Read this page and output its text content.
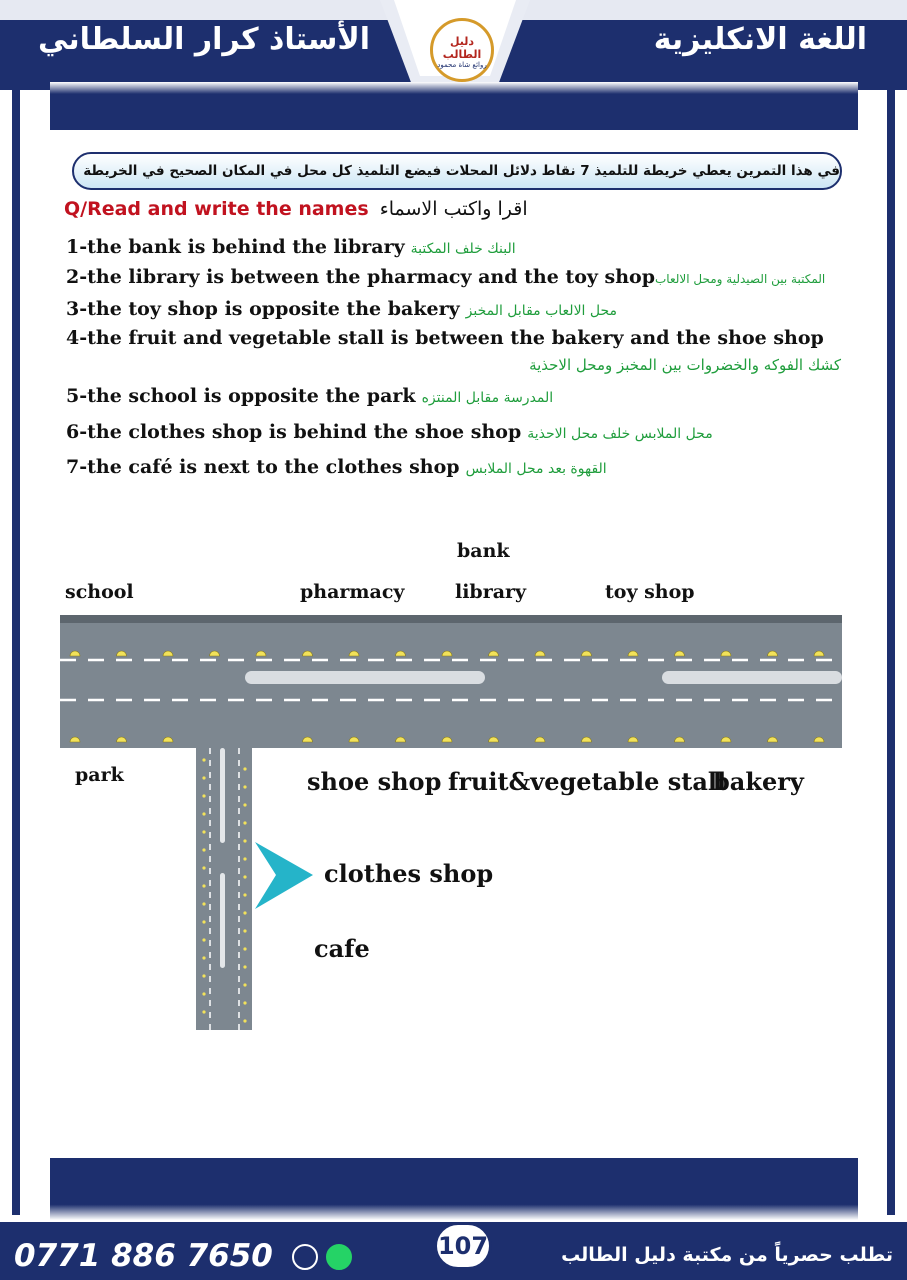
دليل الطالب
روائع شاة محمود
اللغة الانكليزية
الأستاذ كرار السلطاني
في هذا التمرين يعطي خريطة للتلميذ 7 نقاط دلائل المحلات فيضع التلميذ كل محل في المكان الصحيح في الخريطة
Q/Read and write the names اقرا واكتب الاسماء
1-the bank is behind the library البنك خلف المكتبة
2-the library is between the pharmacy and the toy shopالمكتبة بين الصيدلية ومحل الالعاب
3-the toy shop is opposite the bakery محل الالعاب مقابل المخبز
4-the fruit and vegetable stall is between the bakery and the shoe shop
كشك الفوكه والخضروات بين المخبز ومحل الاحذية
5-the school is opposite the park المدرسة مقابل المنتزه
6-the clothes shop is behind the shoe shop محل الملابس خلف محل الاحذية
7-the café is next to the clothes shop القهوة بعد محل الملابس
bank
school	pharmacy	library	toy shop
park	shoe shop fruit&vegetable stall
bakery
clothes shop
cafe
0771 886 7650	107	تطلب حصرياً من مكتبة دليل الطالب
